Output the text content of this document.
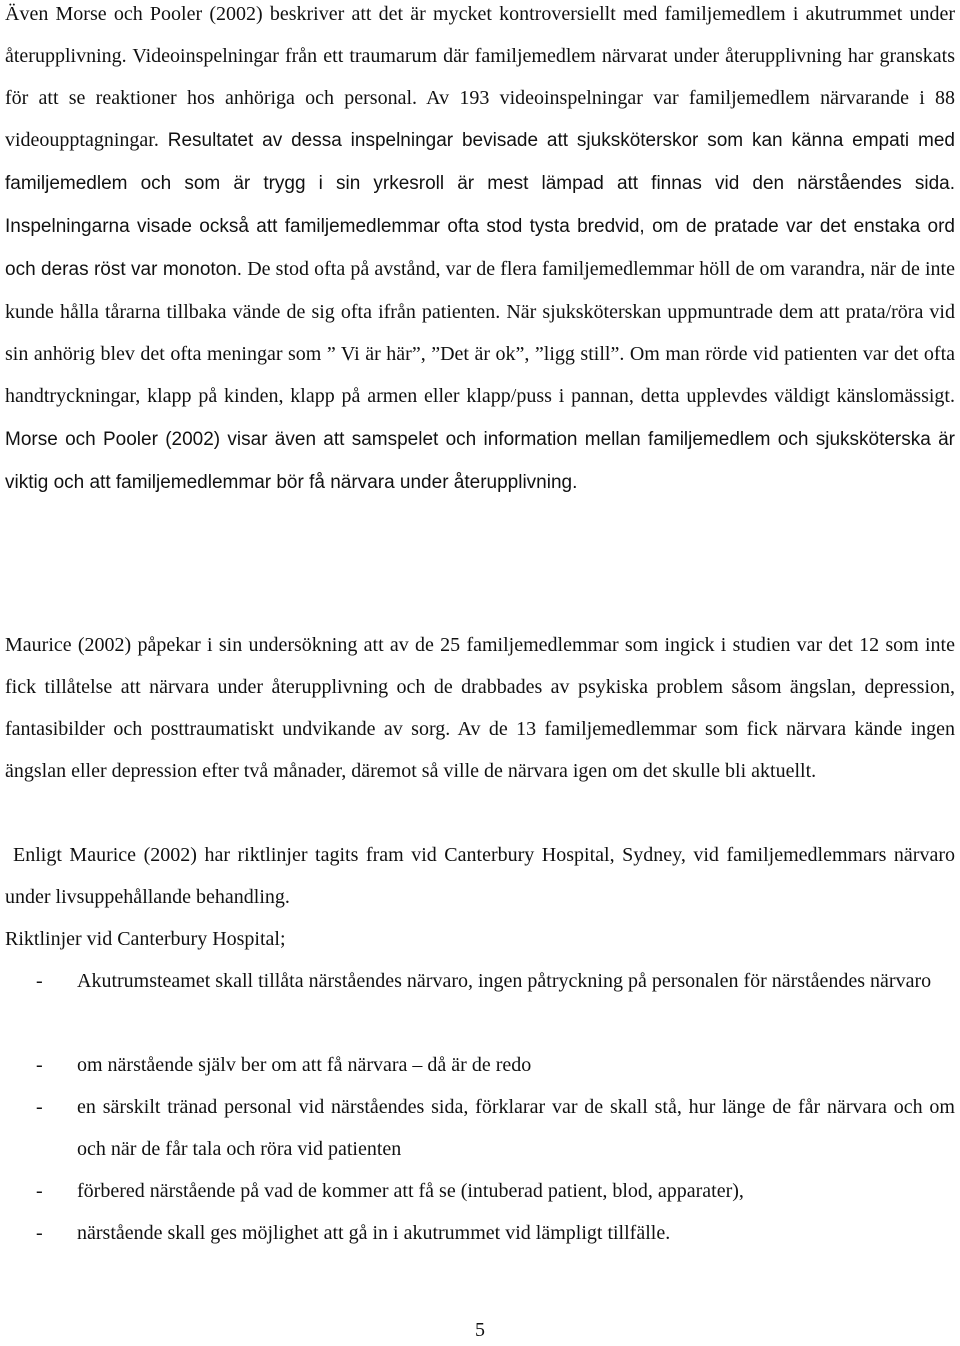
Även Morse och Pooler (2002) beskriver att det är mycket kontroversiellt med familjemedlem i akutrummet under återupplivning. Videoinspelningar från ett traumarum där familjemedlem närvarat under återupplivning har granskats för att se reaktioner hos anhöriga och personal. Av 193 videoinspelningar var familjemedlem närvarande i 88 videoupptagningar. Resultatet av dessa inspelningar bevisade att sjuksköterskor som kan känna empati med familjemedlem och som är trygg i sin yrkesroll är mest lämpad att finnas vid den närståendes sida. Inspelningarna visade också att familjemedlemmar ofta stod tysta bredvid, om de pratade var det enstaka ord och deras röst var monoton. De stod ofta på avstånd, var de flera familjemedlemmar höll de om varandra, när de inte kunde hålla tårarna tillbaka vände de sig ofta ifrån patienten. När sjuksköterskan uppmuntrade dem att prata/röra vid sin anhörig blev det ofta meningar som ” Vi är här”, ”Det är ok”, ”ligg still”. Om man rörde vid patienten var det ofta handtryckningar, klapp på kinden, klapp på armen eller klapp/puss i pannan, detta upplevdes väldigt känslomässigt. Morse och Pooler (2002) visar även att samspelet och information mellan familjemedlem och sjuksköterska är viktig och att familjemedlemmar bör få närvara under återupplivning.

Maurice (2002) påpekar i sin undersökning att av de 25 familjemedlemmar som ingick i studien var det 12 som inte fick tillåtelse att närvara under återupplivning och de drabbades av psykiska problem såsom ängslan, depression, fantasibilder och posttraumatiskt undvikande av sorg. Av de 13 familjemedlemmar som fick närvara kände ingen ängslan eller depression efter två månader, däremot så ville de närvara igen om det skulle bli aktuellt.

Enligt Maurice (2002) har riktlinjer tagits fram vid Canterbury Hospital, Sydney, vid familjemedlemmars närvaro under livsuppehållande behandling.

Riktlinjer vid Canterbury Hospital;

- Akutrumsteamet skall tillåta närståendes närvaro, ingen påtryckning på personalen för närståendes närvaro
- om närstående själv ber om att få närvara – då är de redo
- en särskilt tränad personal vid närståendes sida, förklarar var de skall stå, hur länge de får närvara och om och när de får tala och röra vid patienten
- förbered närstående på vad de kommer att få se (intuberad patient, blod, apparater),
- närstående skall ges möjlighet att gå in i akutrummet vid lämpligt tillfälle.
5
